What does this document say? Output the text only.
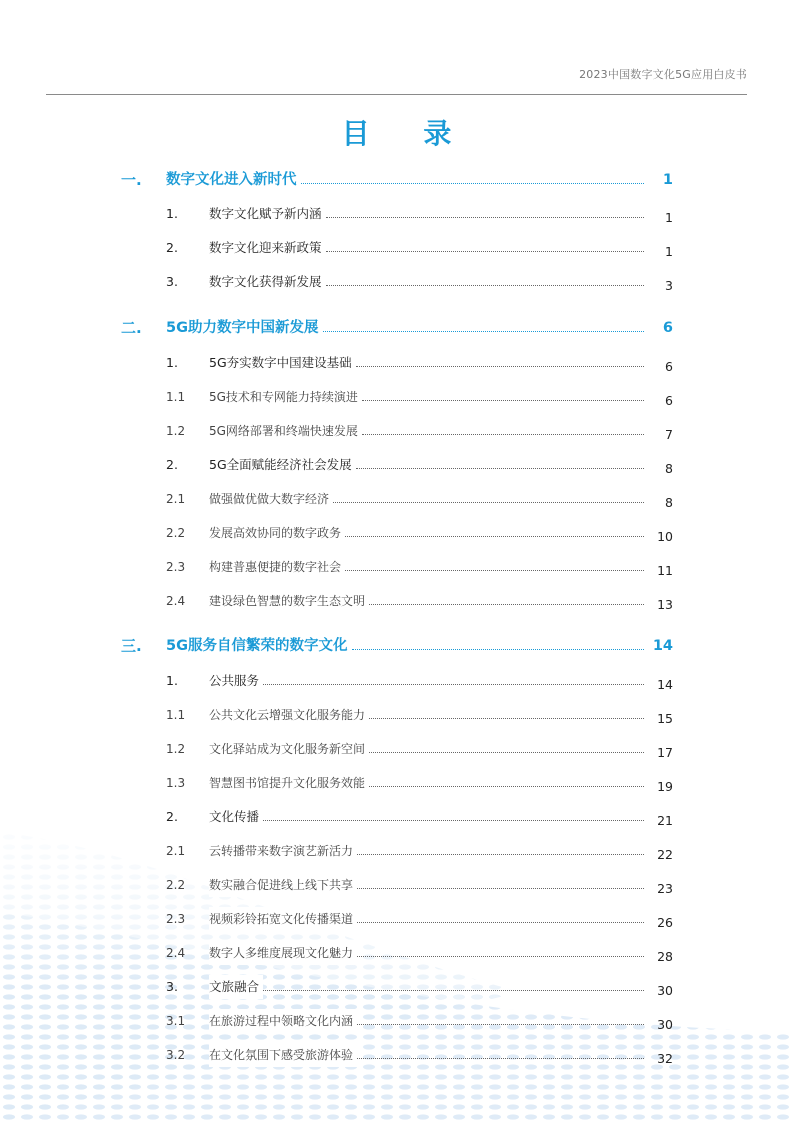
2023中国数字文化5G应用白皮书
目 录
一. 数字文化进入新时代	1
1. 数字文化赋予新内涵	1
2. 数字文化迎来新政策	1
3. 数字文化获得新发展	3
二. 5G助力数字中国新发展	6
1. 5G夯实数字中国建设基础	6
1.1 5G技术和专网能力持续演进	6
1.2 5G网络部署和终端快速发展	7
2. 5G全面赋能经济社会发展	8
2.1 做强做优做大数字经济	8
2.2 发展高效协同的数字政务	10
2.3 构建普惠便捷的数字社会	11
2.4 建设绿色智慧的数字生态文明	13
三. 5G服务自信繁荣的数字文化	14
1. 公共服务	14
1.1 公共文化云增强文化服务能力	15
1.2 文化驿站成为文化服务新空间	17
1.3 智慧图书馆提升文化服务效能	19
2. 文化传播	21
2.1 云转播带来数字演艺新活力	22
2.2 数实融合促进线上线下共享	23
2.3 视频彩铃拓宽文化传播渠道	26
2.4 数字人多维度展现文化魅力	28
3. 文旅融合	30
3.1 在旅游过程中领略文化内涵	30
3.2 在文化氛围下感受旅游体验	32
